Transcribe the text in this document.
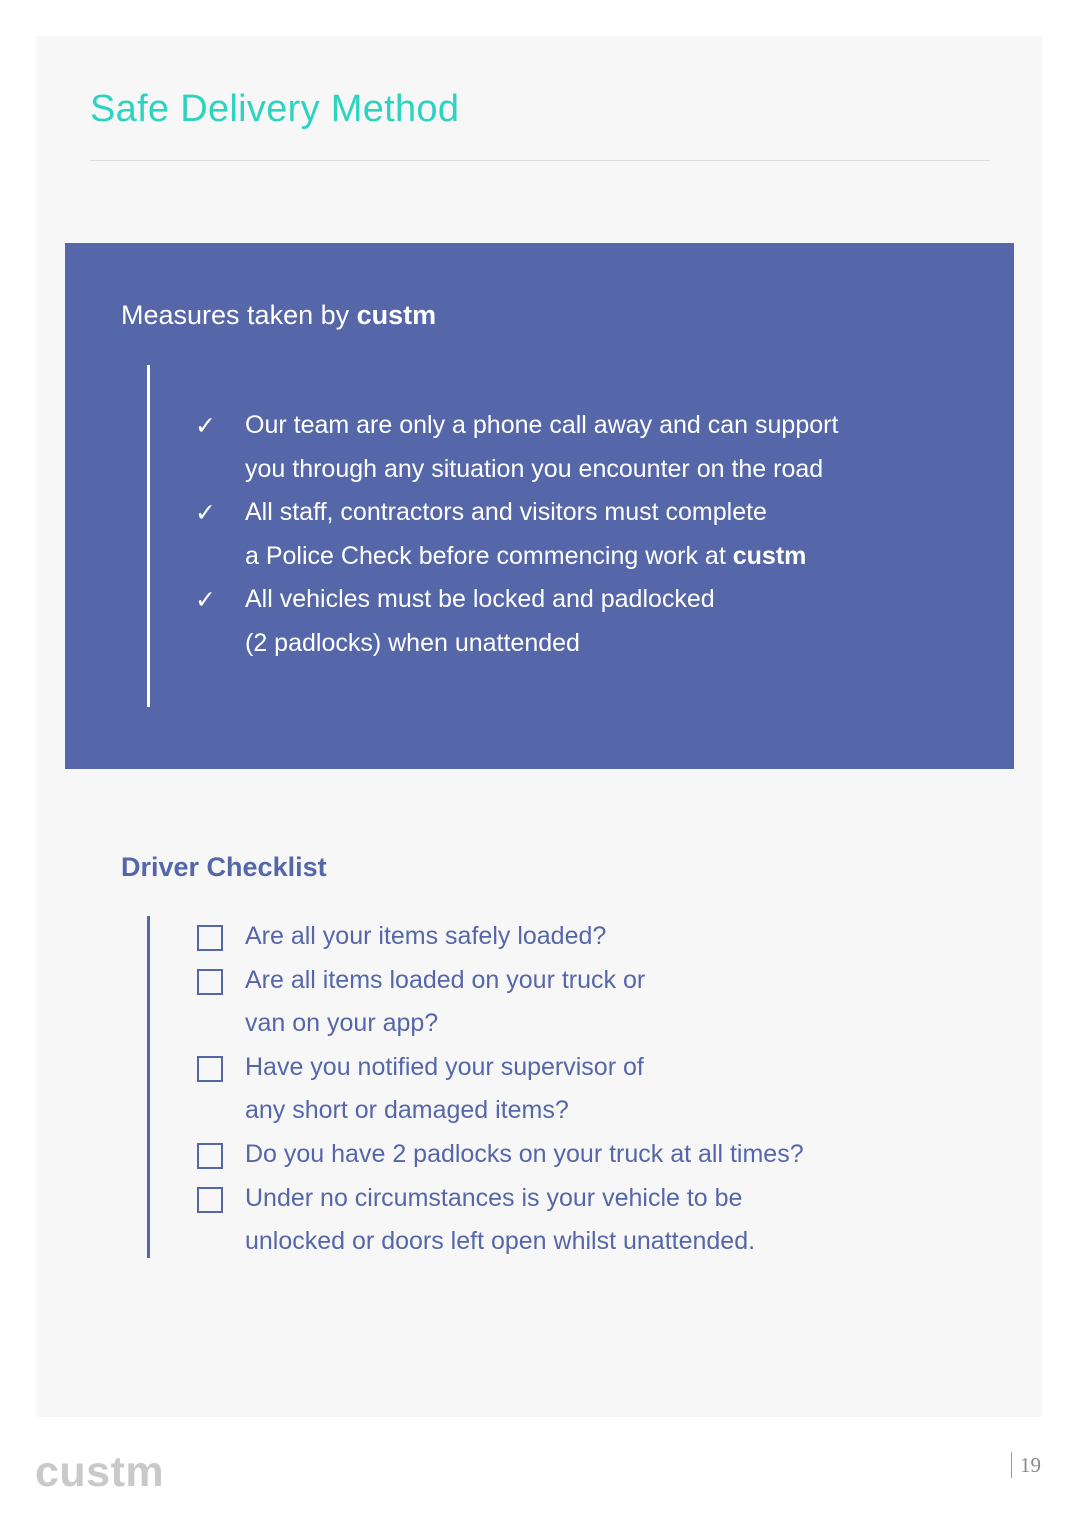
Safe Delivery Method
Measures taken by custm
✓ Our team are only a phone call away and can support
you through any situation you encounter on the road
✓ All staff, contractors and visitors must complete
a Police Check before commencing work at custm
✓ All vehicles must be locked and padlocked
(2 padlocks) when unattended
Driver Checklist
Are all your items safely loaded?
Are all items loaded on your truck or
van on your app?
Have you notified your supervisor of
any short or damaged items?
Do you have 2 padlocks on your truck at all times?
Under no circumstances is your vehicle to be
unlocked or doors left open whilst unattended.
custm	19
